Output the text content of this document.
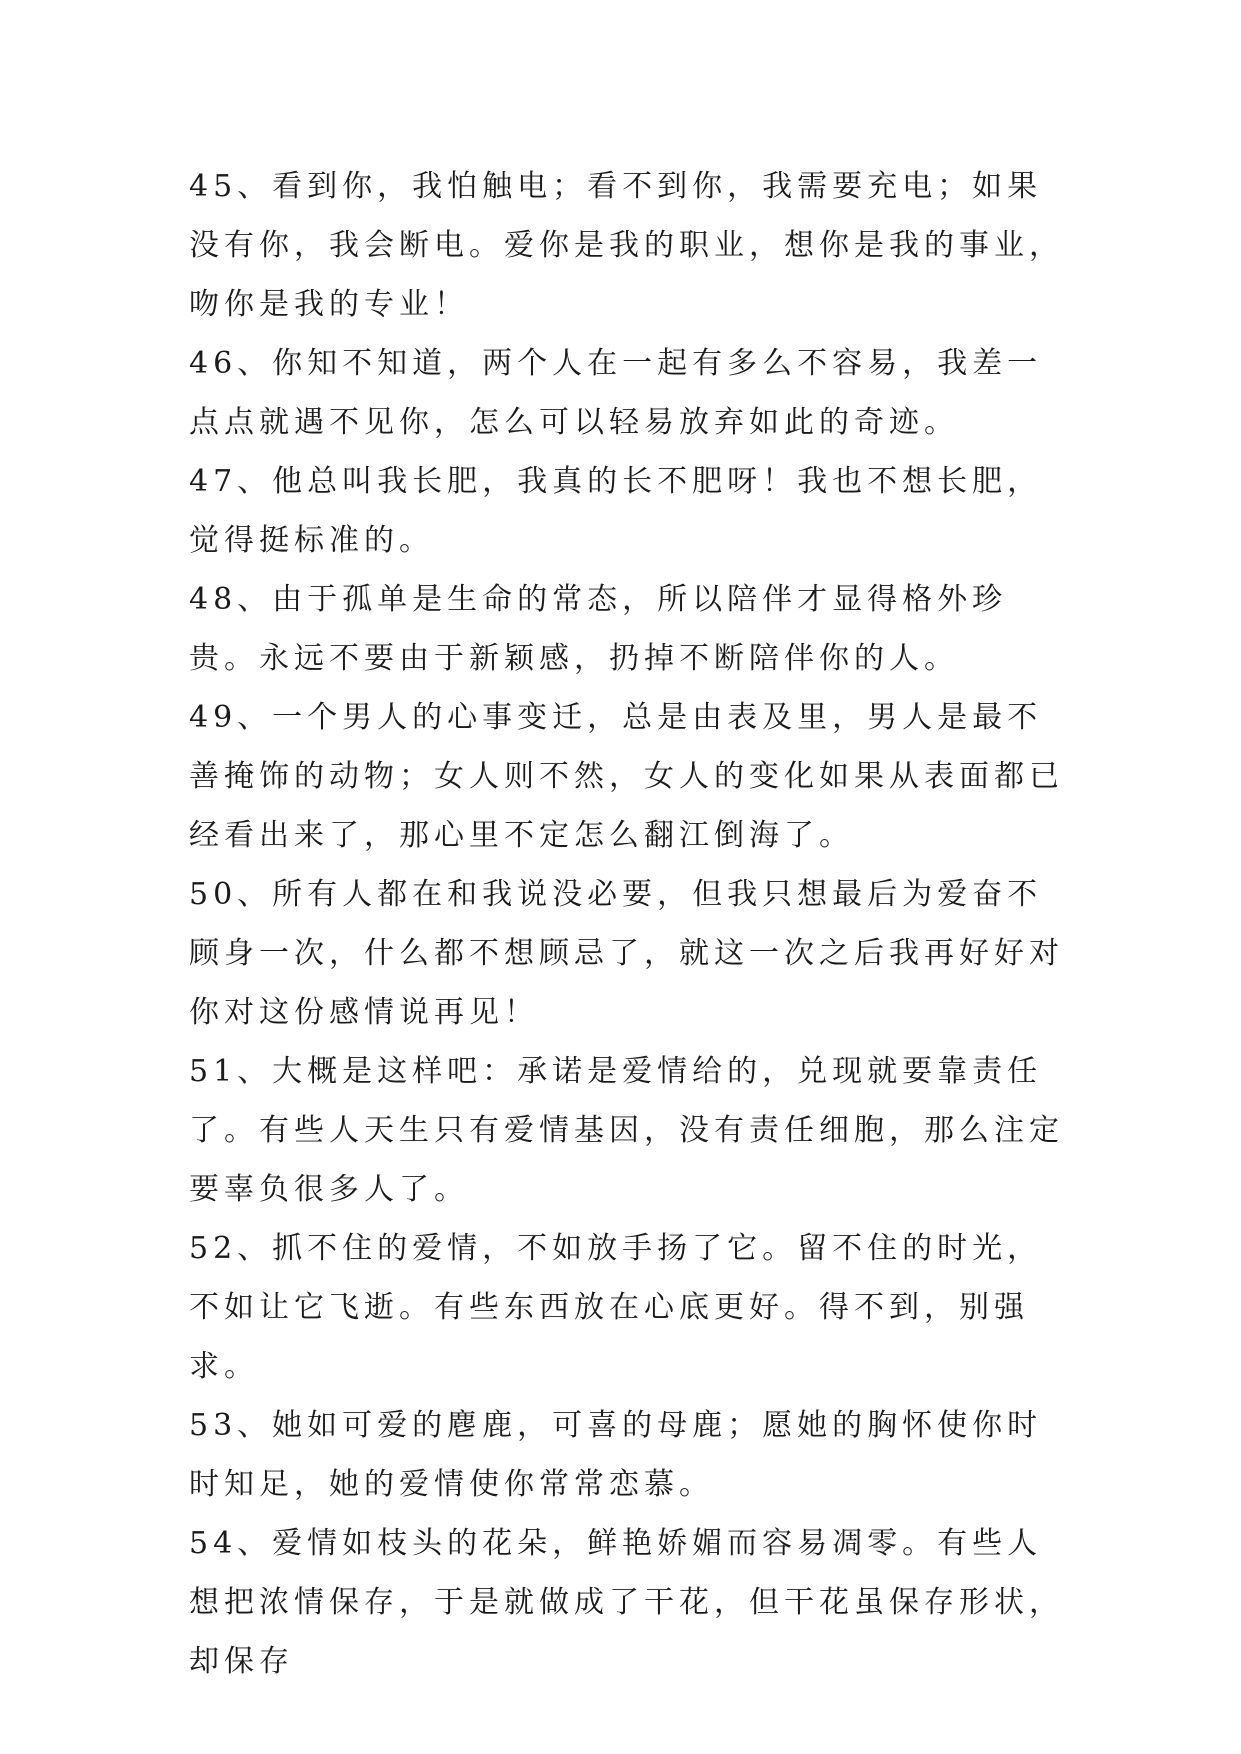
45、看到你，我怕触电；看不到你，我需要充电；如果没有你，我会断电。爱你是我的职业，想你是我的事业，吻你是我的专业！

46、你知不知道，两个人在一起有多么不容易，我差一点点就遇不见你，怎么可以轻易放弃如此的奇迹。

47、他总叫我长肥，我真的长不肥呀！我也不想长肥，觉得挺标准的。

48、由于孤单是生命的常态，所以陪伴才显得格外珍贵。永远不要由于新颖感，扔掉不断陪伴你的人。

49、一个男人的心事变迁，总是由表及里，男人是最不善掩饰的动物；女人则不然，女人的变化如果从表面都已经看出来了，那心里不定怎么翻江倒海了。

50、所有人都在和我说没必要，但我只想最后为爱奋不顾身一次，什么都不想顾忌了，就这一次之后我再好好对你对这份感情说再见！

51、大概是这样吧：承诺是爱情给的，兑现就要靠责任了。有些人天生只有爱情基因，没有责任细胞，那么注定要辜负很多人了。

52、抓不住的爱情，不如放手扬了它。留不住的时光，不如让它飞逝。有些东西放在心底更好。得不到，别强求。

53、她如可爱的麀鹿，可喜的母鹿；愿她的胸怀使你时时知足，她的爱情使你常常恋慕。

54、爱情如枝头的花朵，鲜艳娇媚而容易凋零。有些人想把浓情保存，于是就做成了干花，但干花虽保存形状，却保存
